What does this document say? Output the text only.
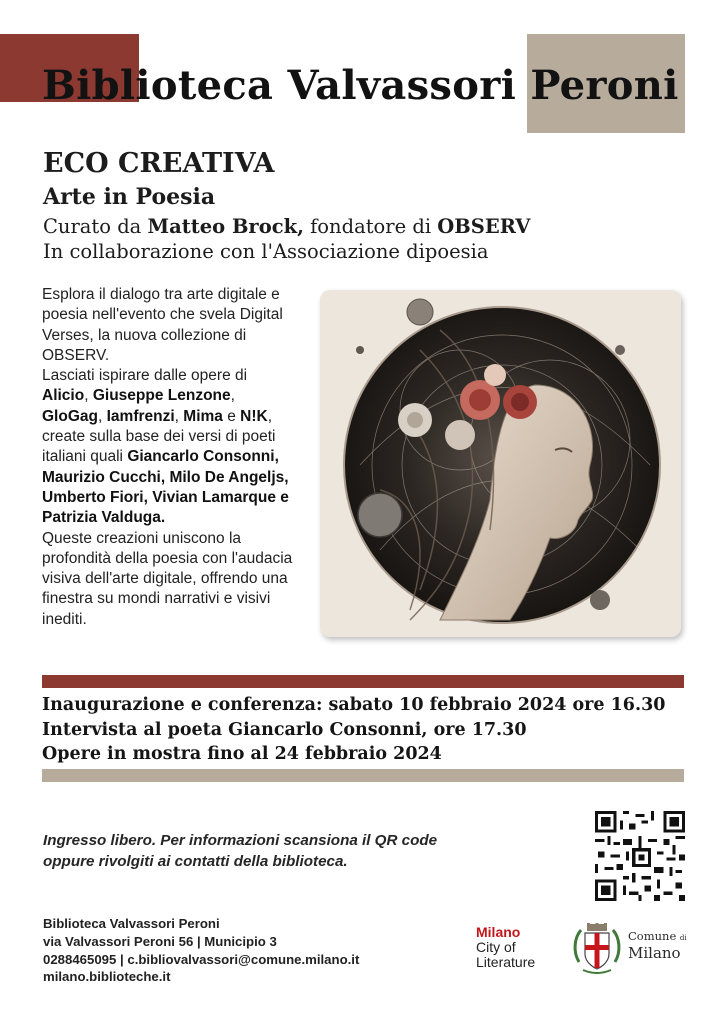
Biblioteca Valvassori Peroni
ECO CREATIVA
Arte in Poesia
Curato da Matteo Brock, fondatore di OBSERV
In collaborazione con l'Associazione dipoesia

Esplora il dialogo tra arte digitale e poesia nell'evento che svela Digital Verses, la nuova collezione di OBSERV.

Lasciati ispirare dalle opere di
Alicio, Giuseppe Lenzone,
GloGag, Iamfrenzi, Mima e N!K, create sulla base dei versi di poeti italiani quali Giancarlo Consonni, Maurizio Cucchi, Milo De Angeljs, Umberto Fiori, Vivian Lamarque e Patrizia Valduga.

Queste creazioni uniscono la profondità della poesia con l'audacia visiva dell'arte digitale, offrendo una finestra su mondi narrativi e visivi inediti.

Inaugurazione e conferenza: sabato 10 febbraio 2024 ore 16.30
Intervista al poeta Giancarlo Consonni, ore 17.30
Opere in mostra fino al 24 febbraio 2024

Ingresso libero. Per informazioni scansiona il QR code

oppure rivolgiti ai contatti della biblioteca.

Biblioteca Valvassori Peroni

via Valvassori Peroni 56 | Municipio 3

0288465095 | c.bibliovalvassori@comune.milano.it

milano.biblioteche.it

Milano
City of
Literature
Comune di
Milano
